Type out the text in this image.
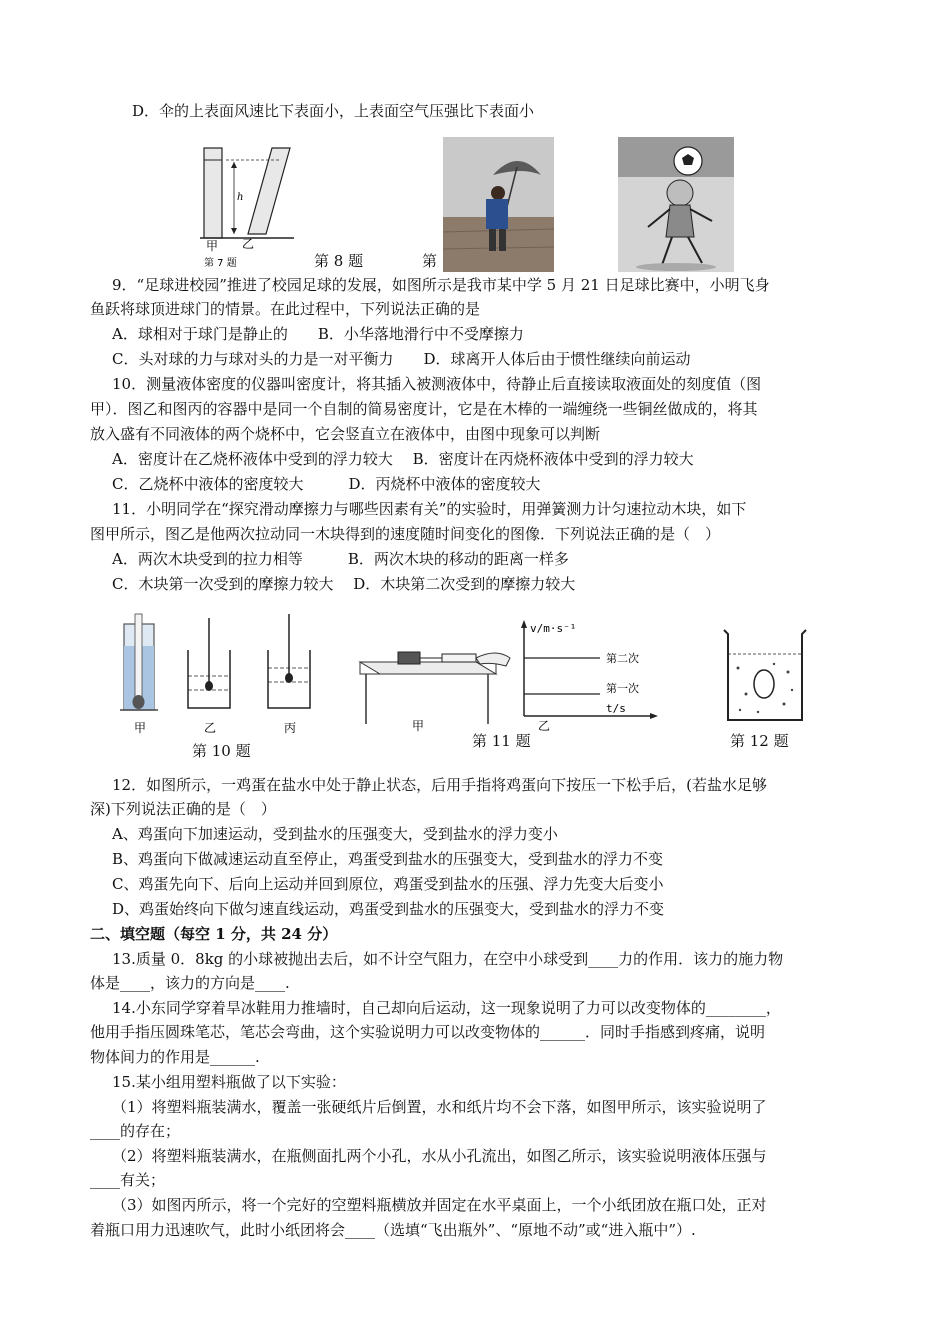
D．伞的上表面风速比下表面小，上表面空气压强比下表面小
h
甲 乙
第 7 题	第 8 题	第
9．“足球进校园”推进了校园足球的发展，如图所示是我市某中学 5 月 21 日足球比赛中，小明飞身
鱼跃将球顶进球门的情景。在此过程中，下列说法正确的是
A．球相对于球门是静止的　　B．小华落地滑行中不受摩擦力
C．头对球的力与球对头的力是一对平衡力　　D．球离开人体后由于惯性继续向前运动
10．测量液体密度的仪器叫密度计，将其插入被测液体中，待静止后直接读取液面处的刻度值（图
甲）．图乙和图丙的容器中是同一个自制的简易密度计，它是在木棒的一端缠绕一些铜丝做成的，将其
放入盛有不同液体的两个烧杯中，它会竖直立在液体中，由图中现象可以判断
A．密度计在乙烧杯液体中受到的浮力较大　 B．密度计在丙烧杯液体中受到的浮力较大
C．乙烧杯中液体的密度较大　　　D．丙烧杯中液体的密度较大
11．小明同学在“探究滑动摩擦力与哪些因素有关”的实验时，用弹簧测力计匀速拉动木块，如下
图甲所示，图乙是他两次拉动同一木块得到的速度随时间变化的图像．下列说法正确的是（　）
A．两次木块受到的拉力相等　　　B．两次木块的移动的距离一样多
C．木块第一次受到的摩擦力较大　 D．木块第二次受到的摩擦力较大
甲	乙	丙
第 10 题
甲
v/m·s⁻¹
第二次
第一次
t/s
乙
第 11 题	第 12 题
12．如图所示，一鸡蛋在盐水中处于静止状态，后用手指将鸡蛋向下按压一下松手后，(若盐水足够
深)下列说法正确的是（　）
A、鸡蛋向下加速运动，受到盐水的压强变大，受到盐水的浮力变小
B、鸡蛋向下做减速运动直至停止，鸡蛋受到盐水的压强变大，受到盐水的浮力不变
C、鸡蛋先向下、后向上运动并回到原位，鸡蛋受到盐水的压强、浮力先变大后变小
D、鸡蛋始终向下做匀速直线运动，鸡蛋受到盐水的压强变大，受到盐水的浮力不变
二、填空题（每空 1 分，共 24 分）
13.质量 0．8kg 的小球被抛出去后，如不计空气阻力，在空中小球受到____力的作用．该力的施力物
体是____，该力的方向是____.
14.小东同学穿着旱冰鞋用力推墙时，自己却向后运动，这一现象说明了力可以改变物体的________，
他用手指压圆珠笔芯，笔芯会弯曲，这个实验说明力可以改变物体的______．同时手指感到疼痛，说明
物体间力的作用是______.
15.某小组用塑料瓶做了以下实验：
（1）将塑料瓶装满水，覆盖一张硬纸片后倒置，水和纸片均不会下落，如图甲所示，该实验说明了
____的存在；
（2）将塑料瓶装满水，在瓶侧面扎两个小孔，水从小孔流出，如图乙所示，该实验说明液体压强与
____有关；
（3）如图丙所示，将一个完好的空塑料瓶横放并固定在水平桌面上，一个小纸团放在瓶口处，正对
着瓶口用力迅速吹气，此时小纸团将会____（选填“飞出瓶外”、“原地不动”或“进入瓶中”）.
